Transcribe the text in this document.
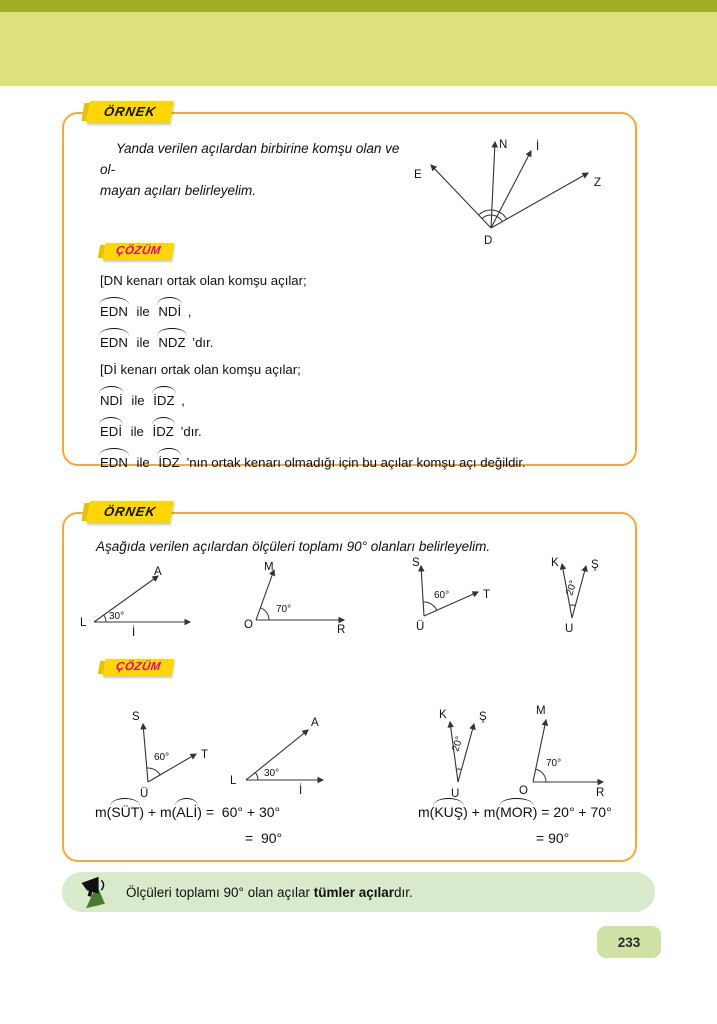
ÖRNEK
Yanda verilen açılardan birbirine komşu olan ve ol-
mayan açıları belirleyelim.
E
N İ
Z
D
ÇÖZÜM
[DN kenarı ortak olan komşu açılar;
EDN ile NDİ ,
EDN ile NDZ ’dır.
[Dİ kenarı ortak olan komşu açılar;
NDİ ile İDZ ,
EDİ ile İDZ ’dır.
EDN ile İDZ ’nın ortak kenarı olmadığı için bu açılar komşu açı değildir.
ÖRNEK
Aşağıda verilen açılardan ölçüleri toplamı 90° olanları belirleyelim.
A
L
İ
30°
M
O	R
70°
S
Ü
T
60°
K	Ş
U
20°
ÇÖZÜM
S
T
Ü
60°
A
L
İ
30°
K	Ş
U
20°
M
O	R
70°
m( SÜT ) + m( ALİ ) = 60° + 30°
=  90°
m( KUŞ ) + m( MOR ) = 20° + 70°
= 90°
Ölçüleri toplamı 90° olan açılar tümler açılardır.
233
